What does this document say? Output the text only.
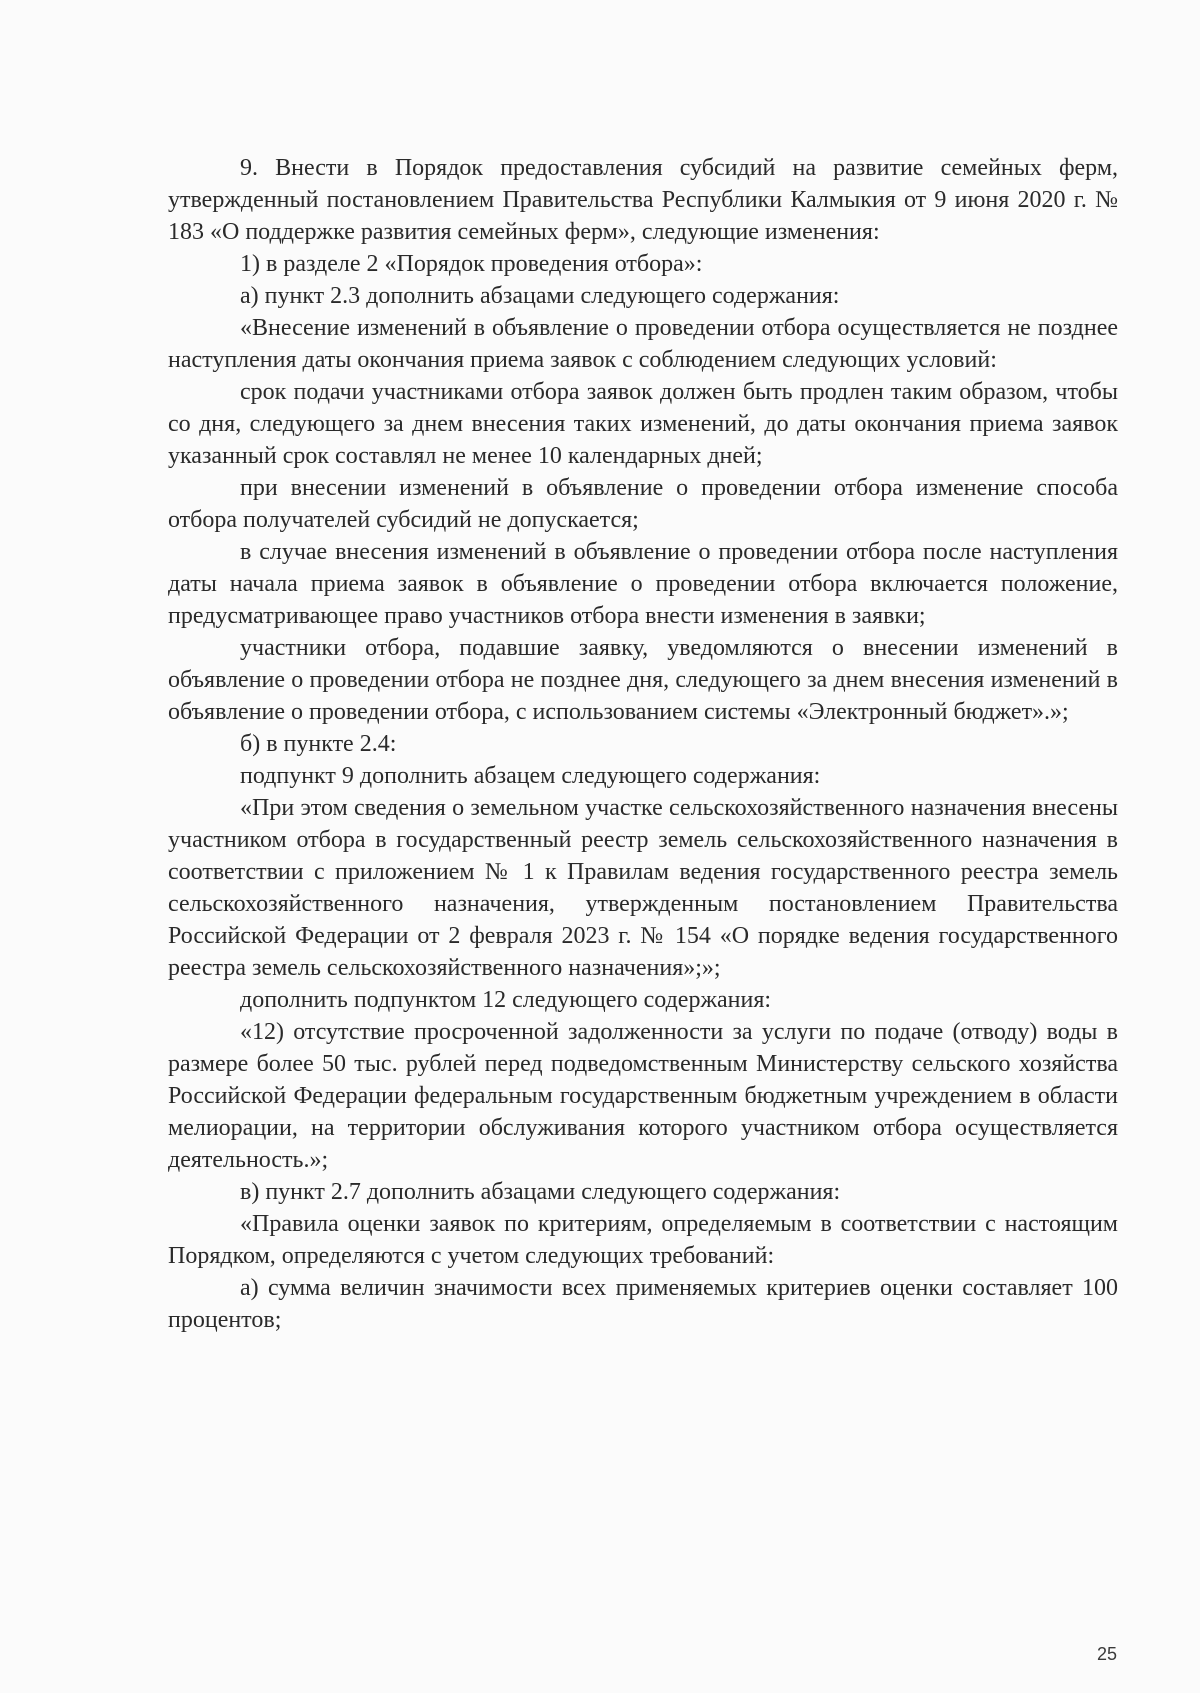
9. Внести в Порядок предоставления субсидий на развитие семейных ферм, утвержденный постановлением Правительства Республики Калмыкия от 9 июня 2020 г. № 183 «О поддержке развития семейных ферм», следующие изменения:

1) в разделе 2 «Порядок проведения отбора»:

а) пункт 2.3 дополнить абзацами следующего содержания:

«Внесение изменений в объявление о проведении отбора осуществляется не позднее наступления даты окончания приема заявок с соблюдением следующих условий:

срок подачи участниками отбора заявок должен быть продлен таким образом, чтобы со дня, следующего за днем внесения таких изменений, до даты окончания приема заявок указанный срок составлял не менее 10 календарных дней;

при внесении изменений в объявление о проведении отбора изменение способа отбора получателей субсидий не допускается;

в случае внесения изменений в объявление о проведении отбора после наступления даты начала приема заявок в объявление о проведении отбора включается положение, предусматривающее право участников отбора внести изменения в заявки;

участники отбора, подавшие заявку, уведомляются о внесении изменений в объявление о проведении отбора не позднее дня, следующего за днем внесения изменений в объявление о проведении отбора, с использованием системы «Электронный бюджет».»;

б) в пункте 2.4:

подпункт 9 дополнить абзацем следующего содержания:

«При этом сведения о земельном участке сельскохозяйственного назначения внесены участником отбора в государственный реестр земель сельскохозяйственного назначения в соответствии с приложением № 1 к Правилам ведения государственного реестра земель сельскохозяйственного назначения, утвержденным постановлением Правительства Российской Федерации от 2 февраля 2023 г. № 154 «О порядке ведения государственного реестра земель сельскохозяйственного назначения»;»;

дополнить подпунктом 12 следующего содержания:

«12) отсутствие просроченной задолженности за услуги по подаче (отводу) воды в размере более 50 тыс. рублей перед подведомственным Министерству сельского хозяйства Российской Федерации федеральным государственным бюджетным учреждением в области мелиорации, на территории обслуживания которого участником отбора осуществляется деятельность.»;

в) пункт 2.7 дополнить абзацами следующего содержания:

«Правила оценки заявок по критериям, определяемым в соответствии с настоящим Порядком, определяются с учетом следующих требований:

а) сумма величин значимости всех применяемых критериев оценки составляет 100 процентов;

25
